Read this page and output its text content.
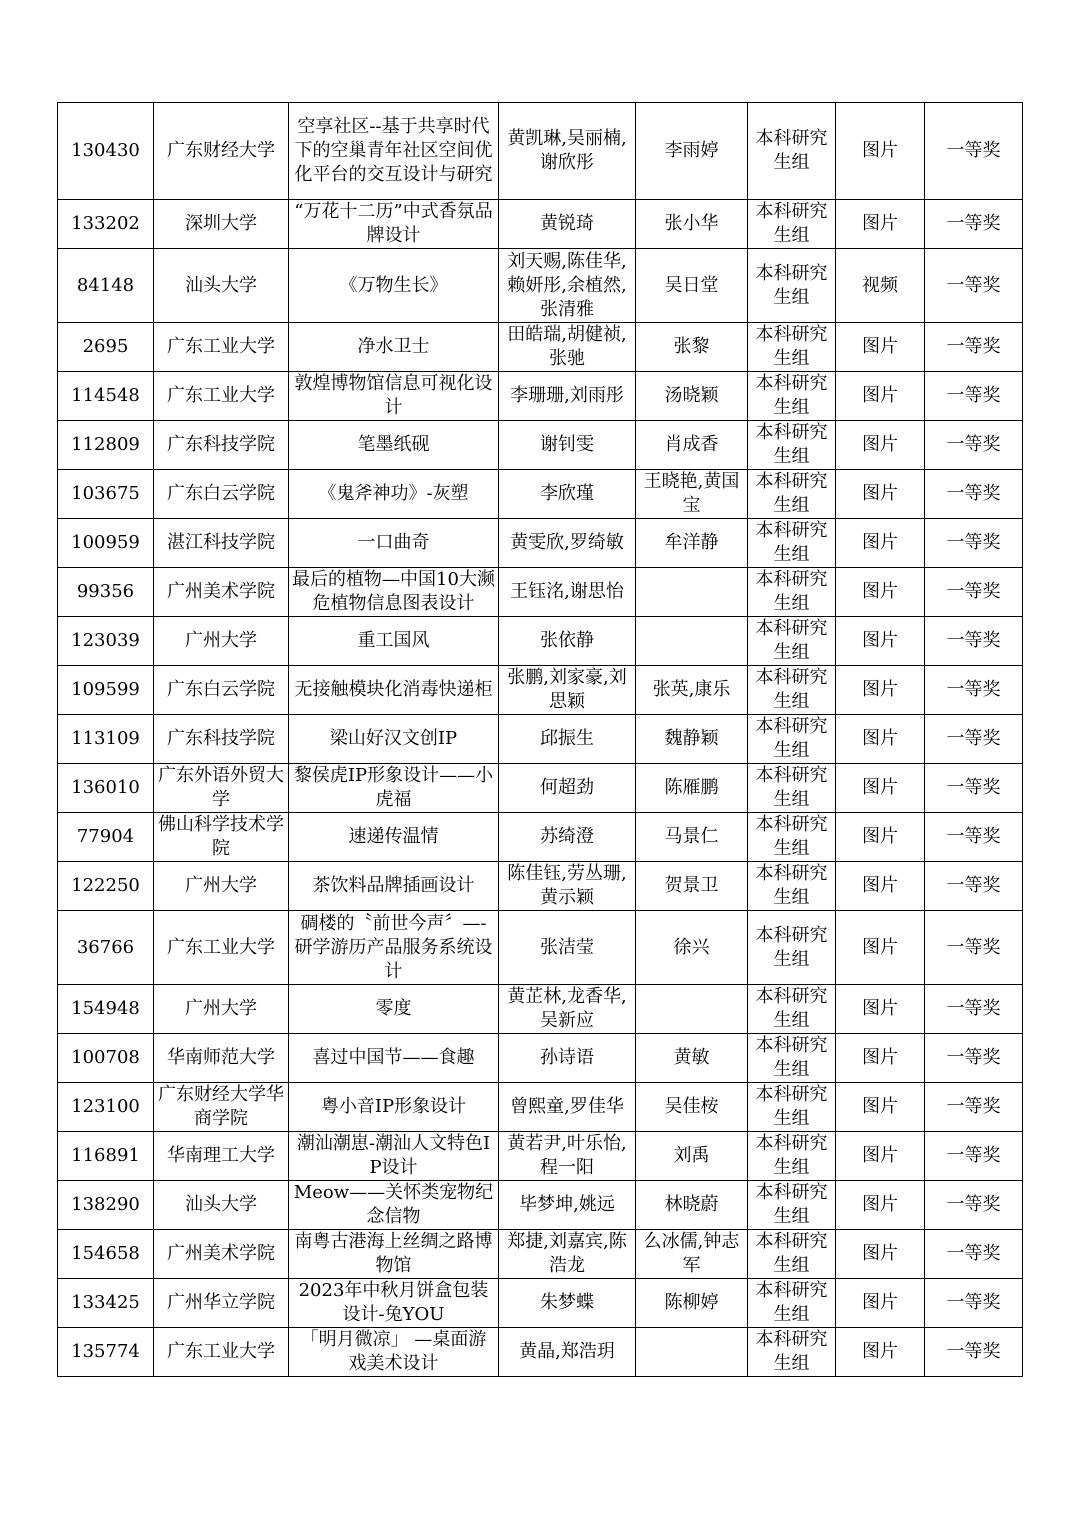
130430	广东财经大学	空享社区--基于共享时代下的空巢青年社区空间优化平台的交互设计与研究	黄凯琳,吴丽楠,谢欣彤	李雨婷	本科研究生组	图片	一等奖
133202	深圳大学	“万花十二历”中式香氛品牌设计	黄锐琦	张小华	本科研究生组	图片	一等奖
84148	汕头大学	《万物生长》	刘天赐,陈佳华,赖妍彤,余植然,张清雅	吴日堂	本科研究生组	视频	一等奖
2695	广东工业大学	净水卫士	田皓瑞,胡健祯,张驰	张黎	本科研究生组	图片	一等奖
114548	广东工业大学	敦煌博物馆信息可视化设计	李珊珊,刘雨彤	汤晓颖	本科研究生组	图片	一等奖
112809	广东科技学院	笔墨纸砚	谢钊雯	肖成香	本科研究生组	图片	一等奖
103675	广东白云学院	《鬼斧神功》-灰塑	李欣瑾	王晓艳,黄国宝	本科研究生组	图片	一等奖
100959	湛江科技学院	一口曲奇	黄雯欣,罗绮敏	牟洋静	本科研究生组	图片	一等奖
99356	广州美术学院	最后的植物—中国10大濒危植物信息图表设计	王钰洺,谢思怡		本科研究生组	图片	一等奖
123039	广州大学	重工国风	张依静		本科研究生组	图片	一等奖
109599	广东白云学院	无接触模块化消毒快递柜	张鹏,刘家豪,刘思颖	张英,康乐	本科研究生组	图片	一等奖
113109	广东科技学院	梁山好汉文创IP	邱振生	魏静颖	本科研究生组	图片	一等奖
136010	广东外语外贸大学	黎侯虎IP形象设计——小虎福	何超劲	陈雁鹏	本科研究生组	图片	一等奖
77904	佛山科学技术学院	速递传温情	苏绮澄	马景仁	本科研究生组	图片	一等奖
122250	广州大学	茶饮料品牌插画设计	陈佳钰,劳丛珊,黄示颖	贺景卫	本科研究生组	图片	一等奖
36766	广东工业大学	碉楼的〝前世今声〞—-研学游历产品服务系统设计	张洁莹	徐兴	本科研究生组	图片	一等奖
154948	广州大学	零度	黄芷林,龙香华,吴新应		本科研究生组	图片	一等奖
100708	华南师范大学	喜过中国节——食趣	孙诗语	黄敏	本科研究生组	图片	一等奖
123100	广东财经大学华商学院	粤小音IP形象设计	曾熙童,罗佳华	吴佳桉	本科研究生组	图片	一等奖
116891	华南理工大学	潮汕潮崽-潮汕人文特色IP设计	黄若尹,叶乐怡,程一阳	刘禹	本科研究生组	图片	一等奖
138290	汕头大学	Meow——关怀类宠物纪念信物	毕梦坤,姚远	林晓蔚	本科研究生组	图片	一等奖
154658	广州美术学院	南粤古港海上丝绸之路博物馆	郑捷,刘嘉宾,陈浩龙	么冰儒,钟志军	本科研究生组	图片	一等奖
133425	广州华立学院	2023年中秋月饼盒包装设计-兔YOU	朱梦蝶	陈柳婷	本科研究生组	图片	一等奖
135774	广东工业大学	「明月微凉」 —桌面游戏美术设计	黄晶,郑浩玥		本科研究生组	图片	一等奖
